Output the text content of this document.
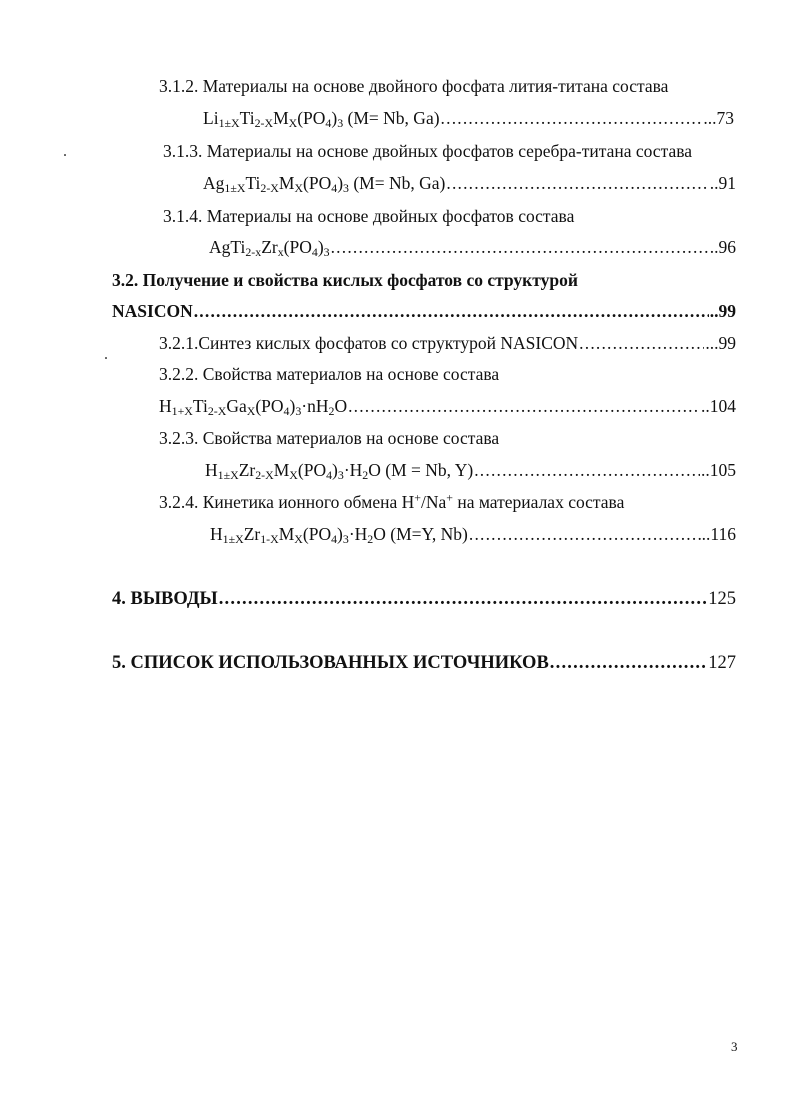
3.1.2. Материалы на основе двойного фосфата лития-титана состава
$Li_{1\pm X}Ti_{2-X}M_X(PO_4)_3$ (M= Nb, Ga) .....	...73
3.1.3. Материалы на основе двойных фосфатов серебра-титана состава
$Ag_{1\pm X}Ti_{2-X}M_X(PO_4)_3$ (M= Nb, Ga) .....	..91
3.1.4. Материалы на основе двойных фосфатов состава
$AgTi_{2-x}Zr_x(PO_4)_3$ .....	.96
3.2. Получение и свойства кислых фосфатов со структурой
NASICON .....	..99
3.2.1.Синтез кислых фосфатов со структурой NASICON .....	...99
3.2.2. Свойства материалов на основе состава
$H_{1+X}Ti_{2-X}Ga_X(PO_4)_3\cdot nH_2O$ .....	..104
3.2.3. Свойства материалов на основе состава
$H_{1\pm X}Zr_{2-X}M_X(PO_4)_3\cdot H_2O$ (M = Nb, Y) .....	..105
3.2.4. Кинетика ионного обмена H+/Na+ на материалах состава
$H_{1\pm X}Zr_{1-X}M_X(PO_4)_3\cdot H_2O$ (M=Y, Nb) .....	..116
4. ВЫВОДЫ .....	125
5. СПИСОК ИСПОЛЬЗОВАННЫХ ИСТОЧНИКОВ .....	127
3
